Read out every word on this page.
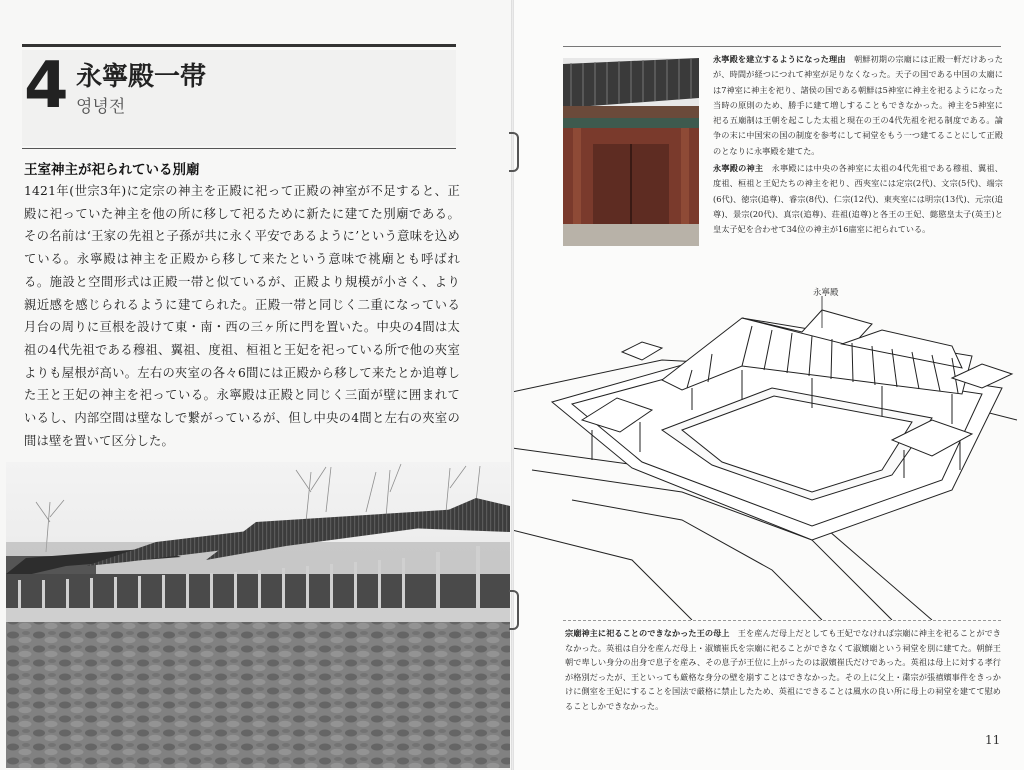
4 永寧殿一帯
영녕전
王室神主が祀られている別廟
1421年(世宗3年)に定宗の神主を正殿に祀って正殿の神室が不足すると、正殿に祀っていた神主を他の所に移して祀るために新たに建てた別廟である。その名前は‘王家の先祖と子孫が共に永く平安であるように’という意味を込めている。永寧殿は神主を正殿から移して来たという意味で祧廟とも呼ばれる。施設と空間形式は正殿一帯と似ているが、正殿より規模が小さく、より親近感を感じられるように建てられた。正殿一帯と同じく二重になっている月台の周りに亘根を設けて東・南・西の三ヶ所に門を置いた。中央の4間は太祖の4代先祖である穆祖、翼祖、度祖、桓祖と王妃を祀っている所で他の夾室よりも屋根が高い。左右の夾室の各々6間には正殿から移して来たとか追尊した王と王妃の神主を祀っている。永寧殿は正殿と同じく三面が壁に囲まれているし、内部空間は壁なしで繋がっているが、但し中央の4間と左右の夾室の間は壁を置いて区分した。

永寧殿を建立するようになった理由　 朝鮮初期の宗廟には正殿一軒だけあったが、時間が経つにつれて神室が足りなくなった。天子の国である中国の太廟には7神室に神主を祀り、諸侯の国である朝鮮は5神室に神主を祀るようになった当時の原則のため、勝手に建て増しすることもできなかった。神主を5神室に祀る五廟制は王朝を起こした太祖と現在の王の4代先祖を祀る制度である。論争の末に中国宋の国の制度を参考にして祠堂をもう一つ建てることにして正殿のとなりに永寧殿を建てた。

永寧殿の神主　 永寧殿には中央の各神室に太祖の4代先祖である穆祖、翼祖、度祖、桓祖と王妃たちの神主を祀り、西夾室には定宗(2代)、文宗(5代)、端宗(6代)、徳宗(追尊)、睿宗(8代)、仁宗(12代)、東夾室には明宗(13代)、元宗(追尊)、景宗(20代)、真宗(追尊)、荘祖(追尊)と各王の王妃、懿愍皇太子(英王)と皇太子妃を合わせて34位の神主が16庿室に祀られている。

永寧殿
宗廟神主に祀ることのできなかった王の母上　 王を産んだ母上だとしても王妃でなければ宗廟に神主を祀ることができなかった。英祖は自分を産んだ母上・淑嬪崔氏を宗廟に祀ることができなくて淑嬪廟という祠堂を別に建てた。朝鮮王朝で卑しい身分の出身で息子を産み、その息子が王位に上がったのは淑嬪崔氏だけであった。英祖は母上に対する孝行が格別だったが、王といっても厳格な身分の壁を崩すことはできなかった。その上に父上・粛宗が張禧嬪事件をきっかけに側室を王妃にすることを国法で厳格に禁止したため、英祖にできることは風水の良い所に母上の祠堂を建てて慰めることしかできなかった。
11
